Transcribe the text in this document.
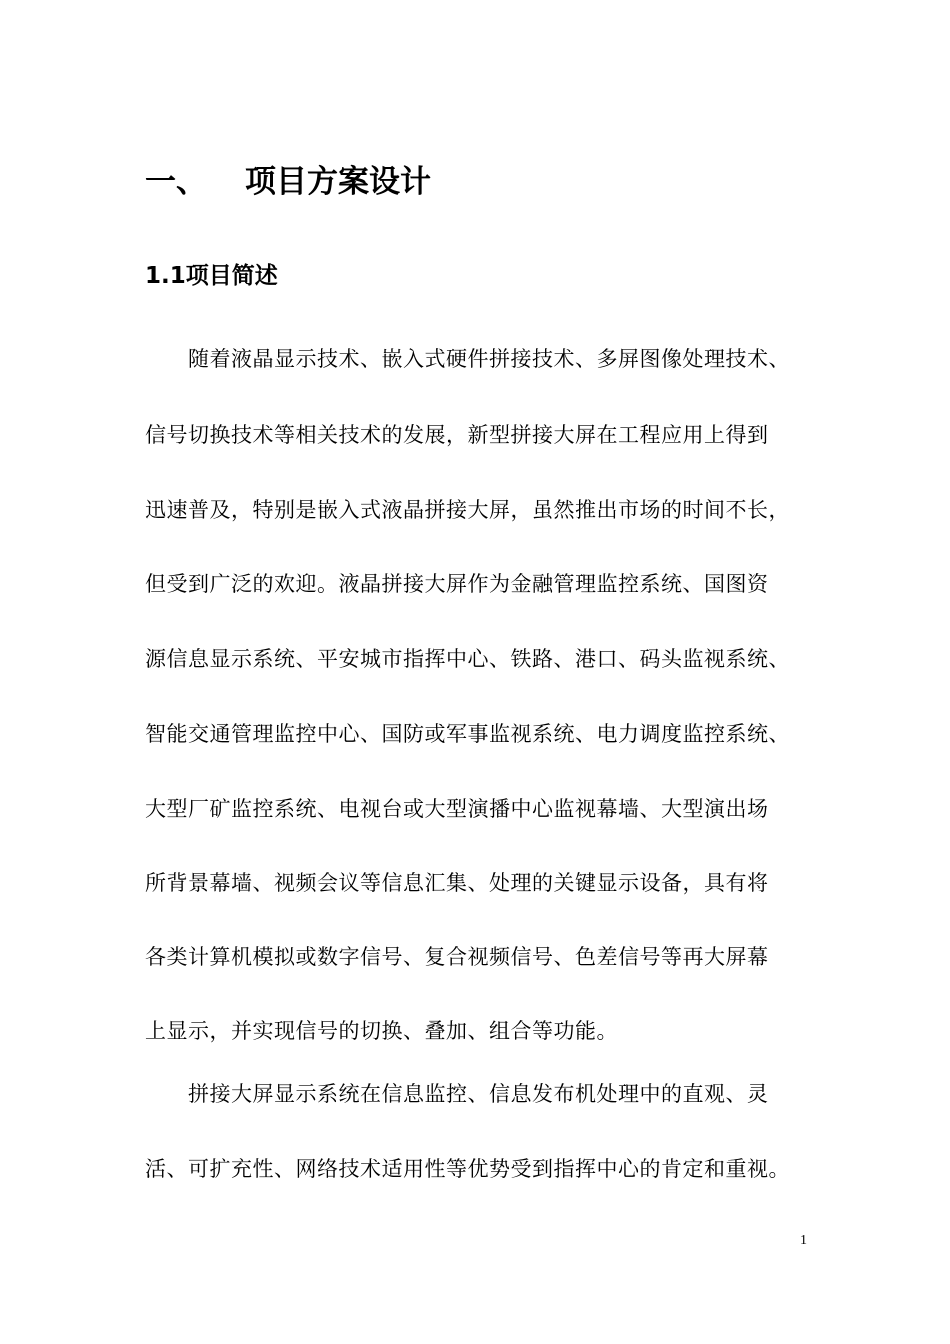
一、	项目方案设计
1.1项目简述
随着液晶显示技术、嵌入式硬件拼接技术、多屏图像处理技术、
信号切换技术等相关技术的发展，新型拼接大屏在工程应用上得到
迅速普及，特别是嵌入式液晶拼接大屏，虽然推出市场的时间不长，
但受到广泛的欢迎。液晶拼接大屏作为金融管理监控系统、国图资
源信息显示系统、平安城市指挥中心、铁路、港口、码头监视系统、
智能交通管理监控中心、国防或军事监视系统、电力调度监控系统、
大型厂矿监控系统、电视台或大型演播中心监视幕墙、大型演出场
所背景幕墙、视频会议等信息汇集、处理的关键显示设备，具有将
各类计算机模拟或数字信号、复合视频信号、色差信号等再大屏幕
上显示，并实现信号的切换、叠加、组合等功能。
拼接大屏显示系统在信息监控、信息发布机处理中的直观、灵
活、可扩充性、网络技术适用性等优势受到指挥中心的肯定和重视。
1
